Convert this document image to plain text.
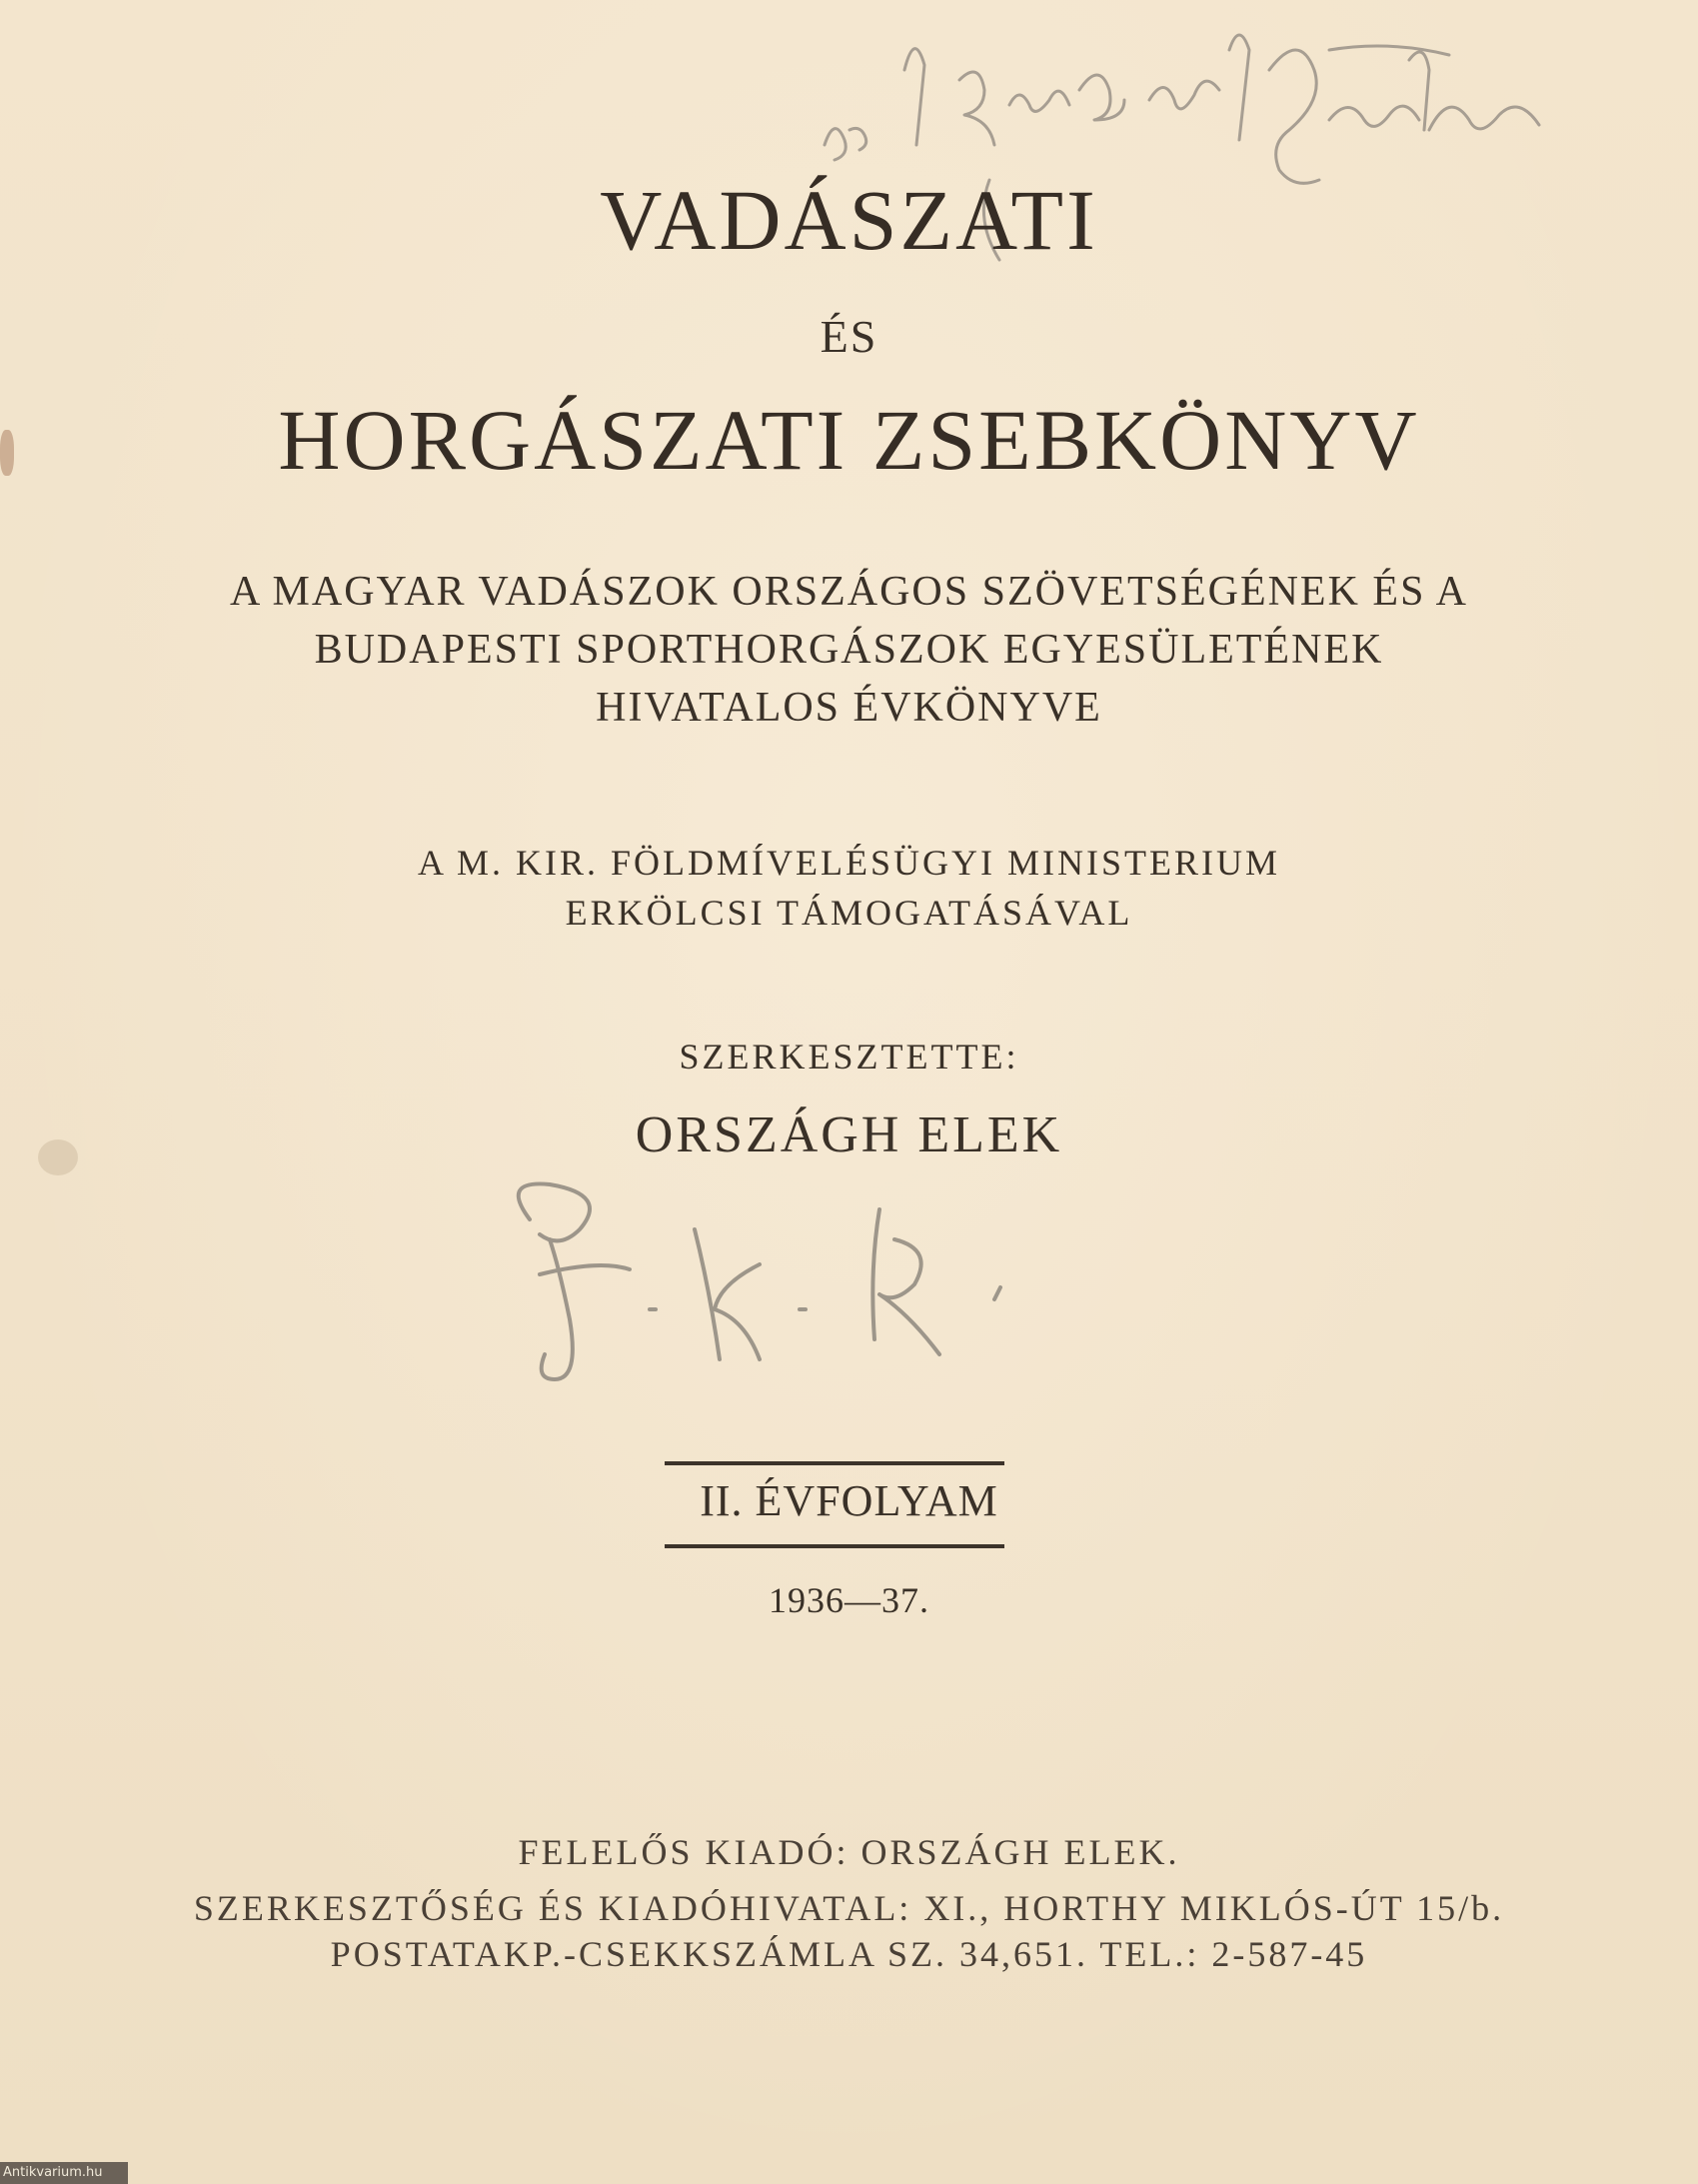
VADÁSZATI
ÉS
HORGÁSZATI ZSEBKÖNYV
A MAGYAR VADÁSZOK ORSZÁGOS SZÖVETSÉGÉNEK ÉS A
BUDAPESTI SPORTHORGÁSZOK EGYESÜLETÉNEK
HIVATALOS ÉVKÖNYVE
A M. KIR. FÖLDMÍVELÉSÜGYI MINISTERIUM
ERKÖLCSI TÁMOGATÁSÁVAL
SZERKESZTETTE:
ORSZÁGH ELEK
II. ÉVFOLYAM
1936—37.
FELELŐS KIADÓ: ORSZÁGH ELEK.
SZERKESZTŐSÉG ÉS KIADÓHIVATAL: XI., HORTHY MIKLÓS-ÚT 15/b.
POSTATAKP.-CSEKKSZÁMLA SZ. 34,651. TEL.: 2-587-45
Antikvarium.hu
